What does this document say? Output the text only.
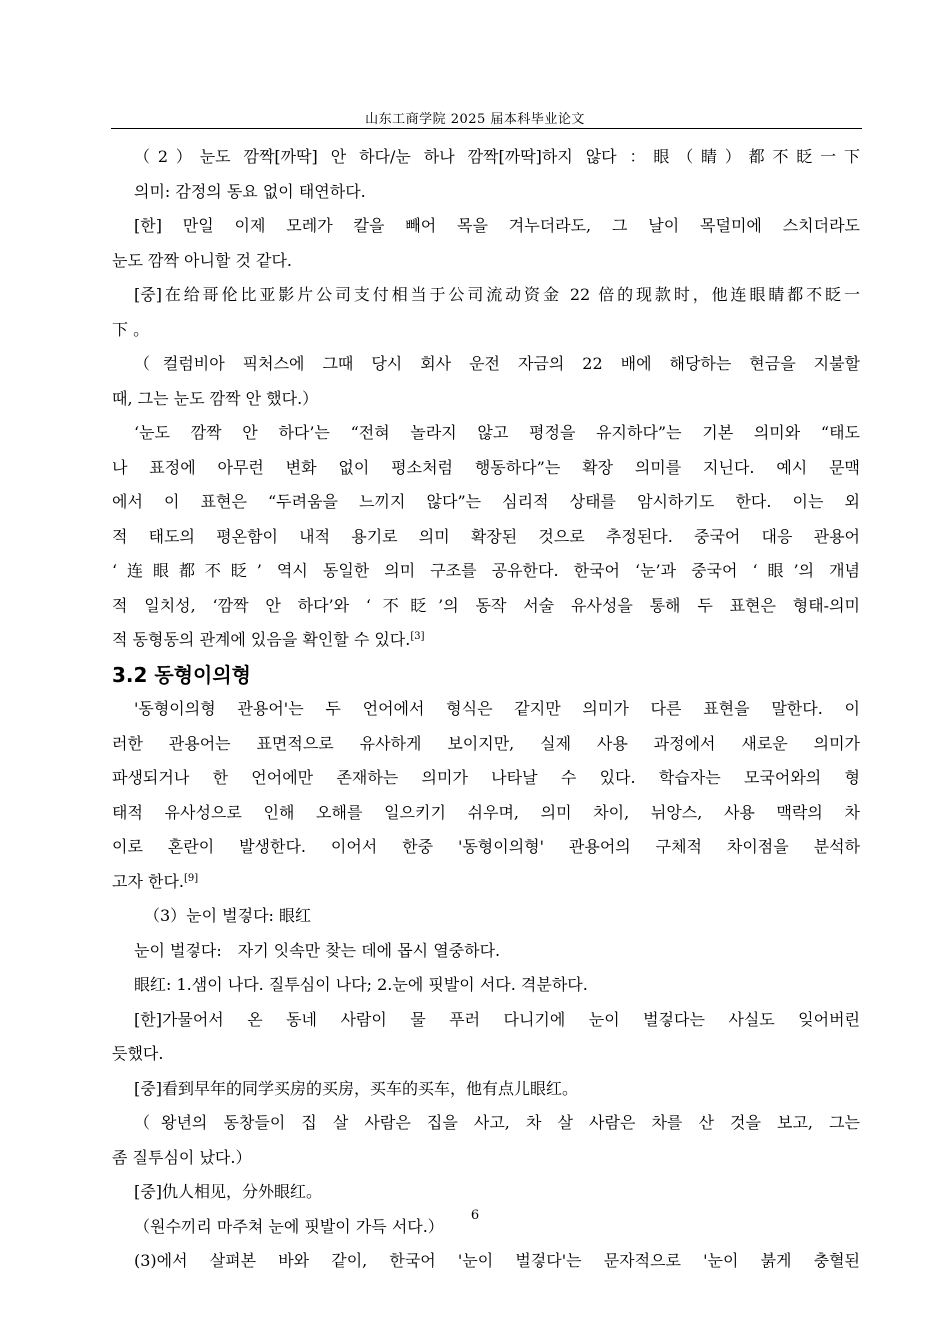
山东工商学院 2025 届本科毕业论文
（2）눈도 깜짝[까딱] 안 하다/눈 하나 깜짝[까딱]하지 않다 ：眼（睛）都不眨一下
의미: 감정의 동요 없이 태연하다.
[한] 만일 이제 모레가 칼을 빼어 목을 겨누더라도, 그 날이 목덜미에 스치더라도
눈도 깜짝 아니할 것 같다.
[중]在给哥伦比亚影片公司支付相当于公司流动资金 22 倍的现款时，他连眼睛都不眨一
下 。
（컬럼비아 픽처스에 그때 당시 회사 운전 자금의 22 배에 해당하는 현금을 지불할
때, 그는 눈도 깜짝 안 했다.）
‘눈도 깜짝 안 하다’는 “전혀 놀라지 않고 평정을 유지하다”는 기본 의미와 “태도
나 표정에 아무런 변화 없이 평소처럼 행동하다”는 확장 의미를 지닌다. 예시 문맥
에서 이 표현은 “두려움을 느끼지 않다”는 심리적 상태를 암시하기도 한다. 이는 외
적 태도의 평온함이 내적 용기로 의미 확장된 것으로 추정된다. 중국어 대응 관용어
‘连眼都不眨’ 역시 동일한 의미 구조를 공유한다. 한국어 ‘눈’과 중국어 ‘眼’의 개념
적 일치성, ‘깜짝 안 하다’와 ‘不眨’의 동작 서술 유사성을 통해 두 표현은 형태-의미
적 동형동의 관계에 있음을 확인할 수 있다.[3]
3.2 동형이의형
'동형이의형 관용어'는 두 언어에서 형식은 같지만 의미가 다른 표현을 말한다. 이
러한 관용어는 표면적으로 유사하게 보이지만, 실제 사용 과정에서 새로운 의미가
파생되거나 한 언어에만 존재하는 의미가 나타날 수 있다. 학습자는 모국어와의 형
태적 유사성으로 인해 오해를 일으키기 쉬우며, 의미 차이, 뉘앙스, 사용 맥락의 차
이로 혼란이 발생한다. 이어서 한중 '동형이의형' 관용어의 구체적 차이점을 분석하
고자 한다.[9]
（3）눈이 벌겋다: 眼红
눈이 벌겋다:　자기 잇속만 찾는 데에 몹시 열중하다.
眼红: 1.샘이 나다. 질투심이 나다; 2.눈에 핏발이 서다. 격분하다.
[한]가물어서 온 동네 사람이 물 푸러 다니기에 눈이 벌겋다는 사실도 잊어버린
듯했다.
[중]看到早年的同学买房的买房，买车的买车，他有点儿眼红。
（왕년의 동창들이 집 살 사람은 집을 사고, 차 살 사람은 차를 산 것을 보고, 그는
좀 질투심이 났다.）
[중]仇人相见，分外眼红。
（원수끼리 마주쳐 눈에 핏발이 가득 서다.）
(3)에서 살펴본 바와 같이, 한국어 '눈이 벌겋다'는 문자적으로 '눈이 붉게 충혈된
6
